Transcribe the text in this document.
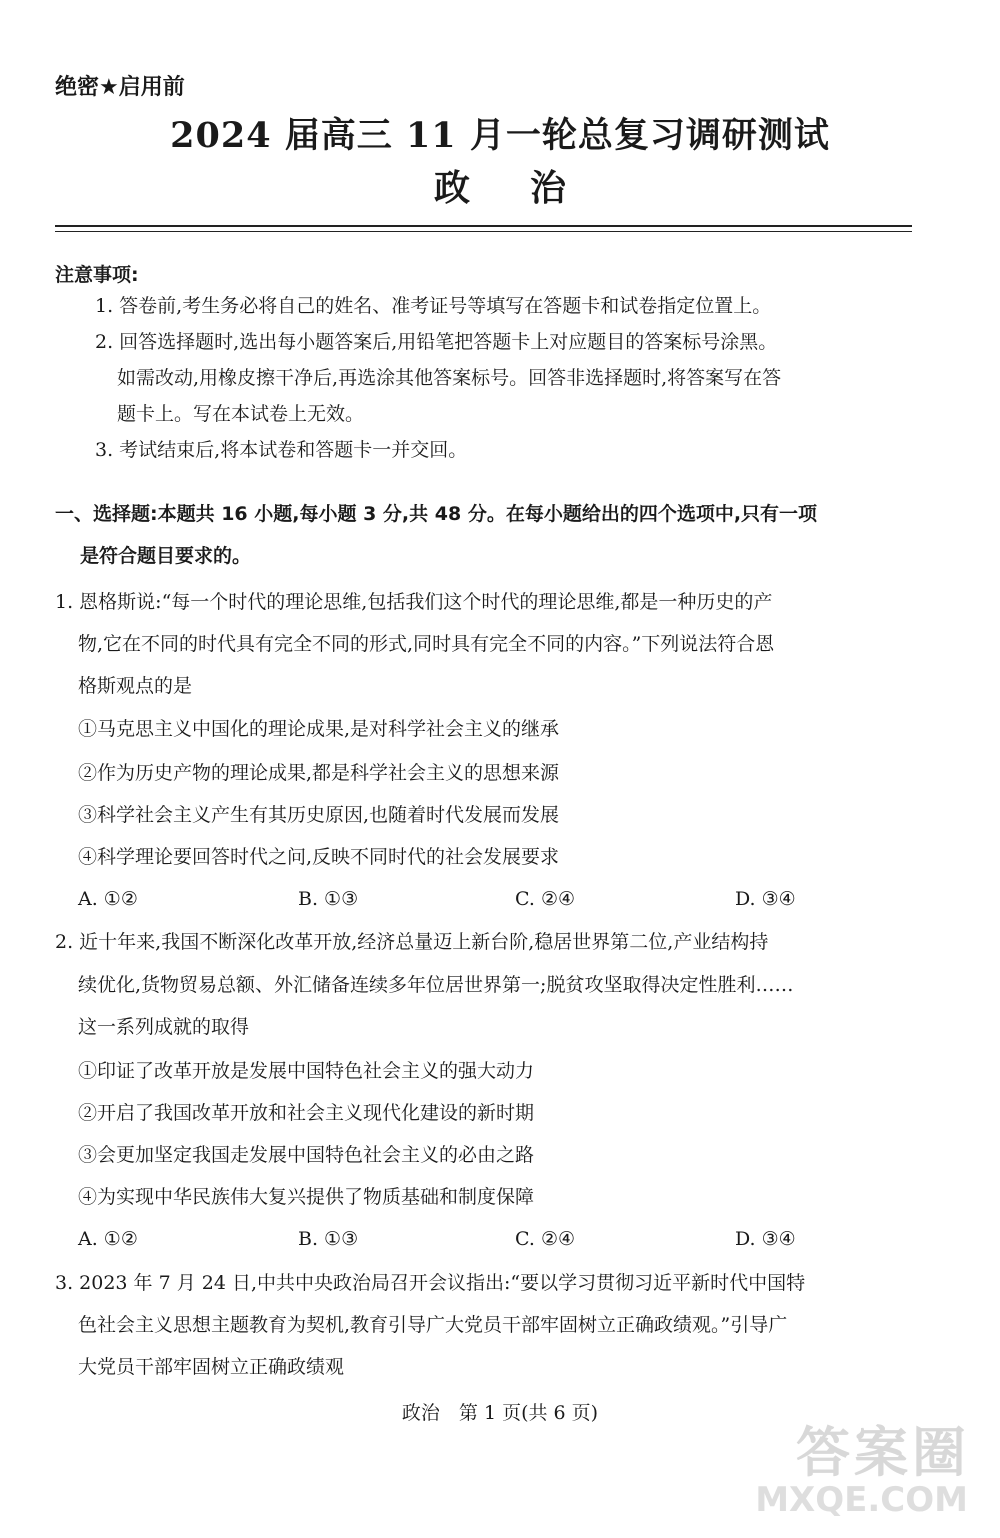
绝密★启用前
2024 届高三 11 月一轮总复习调研测试
政 治
注意事项:
1. 答卷前,考生务必将自己的姓名、准考证号等填写在答题卡和试卷指定位置上。
2. 回答选择题时,选出每小题答案后,用铅笔把答题卡上对应题目的答案标号涂黑。
如需改动,用橡皮擦干净后,再选涂其他答案标号。回答非选择题时,将答案写在答
题卡上。写在本试卷上无效。
3. 考试结束后,将本试卷和答题卡一并交回。
一、选择题:本题共 16 小题,每小题 3 分,共 48 分。在每小题给出的四个选项中,只有一项
是符合题目要求的。
1. 恩格斯说:“每一个时代的理论思维,包括我们这个时代的理论思维,都是一种历史的产
物,它在不同的时代具有完全不同的形式,同时具有完全不同的内容。”下列说法符合恩
格斯观点的是
①马克思主义中国化的理论成果,是对科学社会主义的继承
②作为历史产物的理论成果,都是科学社会主义的思想来源
③科学社会主义产生有其历史原因,也随着时代发展而发展
④科学理论要回答时代之问,反映不同时代的社会发展要求
A. ①②	B. ①③	C. ②④	D. ③④
2. 近十年来,我国不断深化改革开放,经济总量迈上新台阶,稳居世界第二位,产业结构持
续优化,货物贸易总额、外汇储备连续多年位居世界第一;脱贫攻坚取得决定性胜利……
这一系列成就的取得
①印证了改革开放是发展中国特色社会主义的强大动力
②开启了我国改革开放和社会主义现代化建设的新时期
③会更加坚定我国走发展中国特色社会主义的必由之路
④为实现中华民族伟大复兴提供了物质基础和制度保障
A. ①②	B. ①③	C. ②④	D. ③④
3. 2023 年 7 月 24 日,中共中央政治局召开会议指出:“要以学习贯彻习近平新时代中国特
色社会主义思想主题教育为契机,教育引导广大党员干部牢固树立正确政绩观。”引导广
大党员干部牢固树立正确政绩观
政治　第 1 页(共 6 页)
答案圈
MXQE.COM
